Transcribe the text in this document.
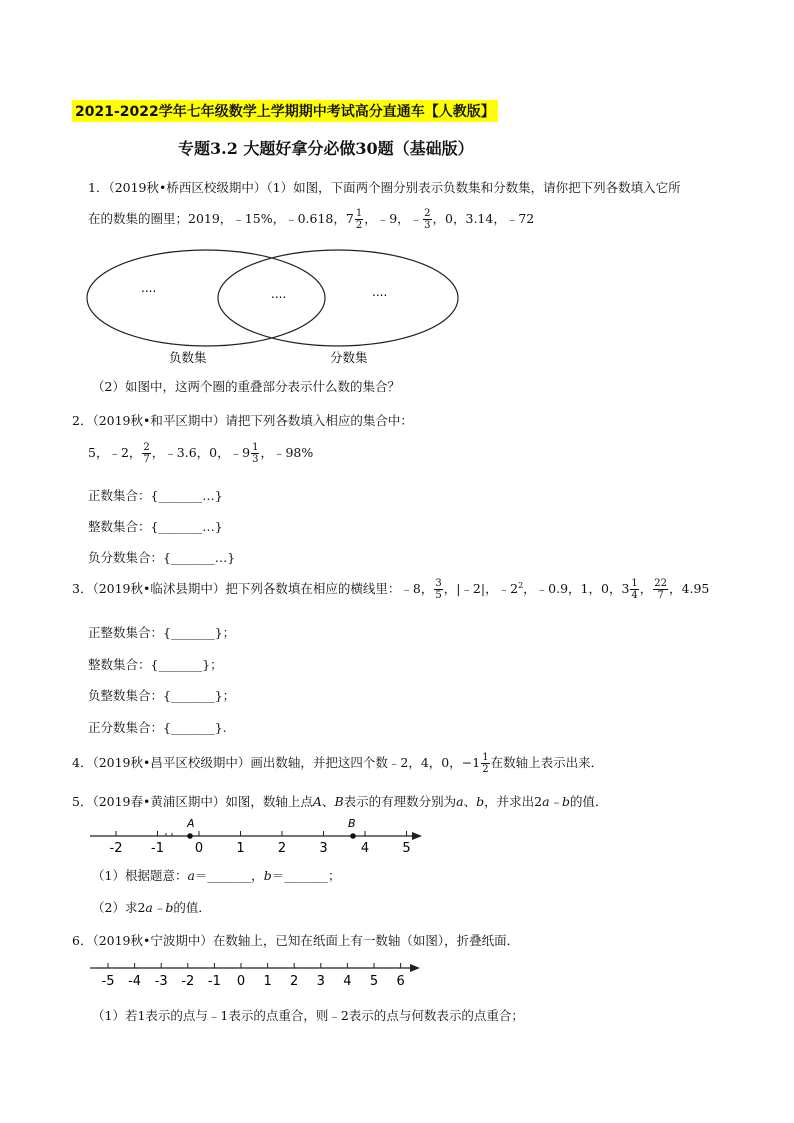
2021-2022学年七年级数学上学期期中考试高分直通车【人教版】
专题3.2 大题好拿分必做30题（基础版）
1．（2019秋•桥西区校级期中）（1）如图，下面两个圈分别表示负数集和分数集，请你把下列各数填入它所
在的数集的圈里；2019，﹣15%，﹣0.618，$7 \frac{1}{2}$ ，﹣9，﹣ $\frac{2}{3}$ ，0，3.14，﹣72
....	....	....
负数集	分数集
（2）如图中，这两个圈的重叠部分表示什么数的集合？
2．（2019秋•和平区期中）请把下列各数填入相应的集合中：
5，﹣2， $\frac{2}{7}$ ，﹣3.6，0，﹣9 $\frac{1}{3}$ ，﹣98%
正数集合：{_______…}
整数集合：{_______…}
负分数集合：{_______…}
3．（2019秋•临沭县期中）把下列各数填在相应的横线里：﹣8， $\frac{3}{5}$ ，|﹣2|，$﹣2^2$，﹣0.9，1，0，$3 \frac{1}{4}$ ， $\frac{22}{7}$ ，4.95
正整数集合：{_______}；
整数集合：{_______}；
负整数集合：{_______}；
正分数集合：{_______}.
4．（2019秋•昌平区校级期中）画出数轴，并把这四个数﹣2，4，0，$-1 \frac{1}{2}$ 在数轴上表示出来．
5．（2019春•黄浦区期中）如图，数轴上点A、B表示的有理数分别为a、b，并求出2a﹣b的值．
-2 -1 0	1	2	3	4	5
A	B
（1）根据题意：a＝_______，b＝_______；
（2）求2a﹣b的值．
6．（2019秋•宁波期中）在数轴上，已知在纸面上有一数轴（如图），折叠纸面．
-5 -4 -3 -2 -1 0 1 2 3 4 5 6
（1）若1表示的点与﹣1表示的点重合，则﹣2表示的点与何数表示的点重合；
